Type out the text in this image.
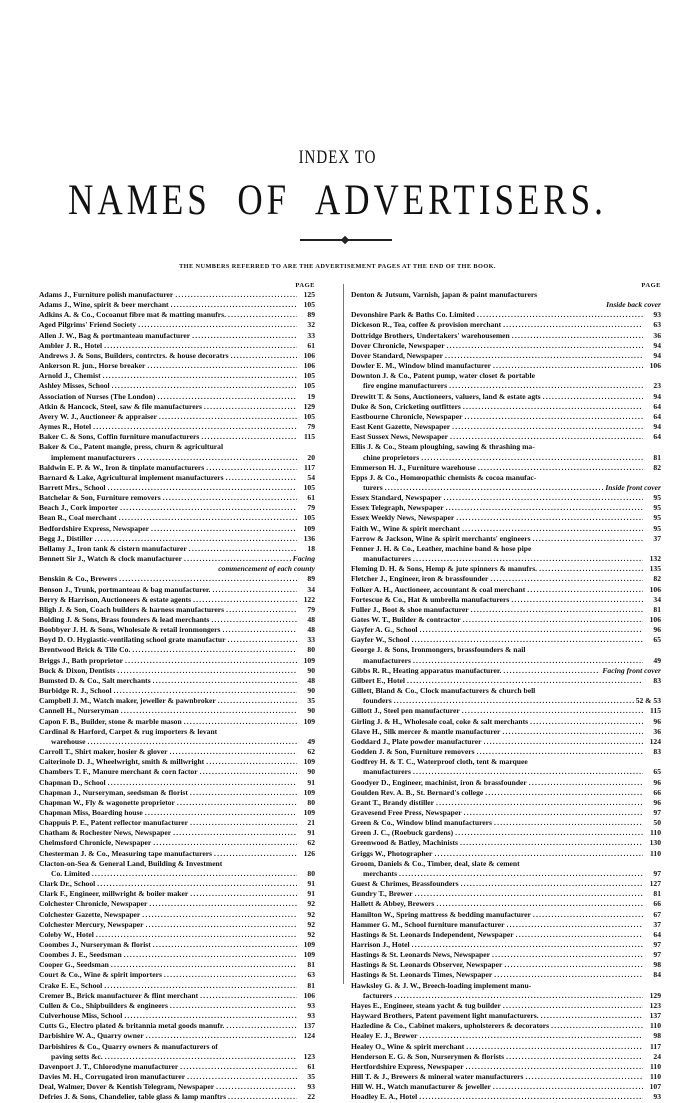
INDEX TO
NAMES OF ADVERTISERS.
THE NUMBERS REFERRED TO ARE THE ADVERTISEMENT PAGES AT THE END OF THE BOOK.
PAGE
Adams J., Furniture polish manufacturer .....	125
Adams J., Wine, spirit & beer merchant .....	105
Adkins A. & Co., Cocoanut fibre mat & matting manufrs. .....	89
Aged Pilgrims' Friend Society .....	32
Allen J. W., Bag & portmanteau manufacturer .....	33
Ambler J. R., Hotel .....	61
Andrews J. & Sons, Builders, contrctrs. & house decoratrs .....	106
Ankerson R. jun., Horse breaker .....	106
Arnold J., Chemist .....	105
Ashley Misses, School .....	105
Association of Nurses (The London) .....	19
Atkin & Hancock, Steel, saw & file manufacturers .....	129
Avery W. J., Auctioneer & appraiser .....	105
Aymes R., Hotel .....	79
Baker C. & Sons, Coffin furniture manufacturers .....	115
Baker & Co., Patent mangle, press, churn & agricultural
implement manufacturers .....	20
Baldwin E. P. & W., Iron & tinplate manufacturers .....	117
Barnard & Lake, Agricultural implement manufacturers .....	54
Barrett Mrs., School .....	105
Batchelar & Son, Furniture removers .....	61
Beach J., Cork importer .....	79
Bean R., Coal merchant .....	105
Bedfordshire Express, Newspaper .....	109
Begg J., Distiller .....	136
Bellamy J., Iron tank & cistern manufacturer .....	18
Bennett Sir J., Watch & clock manufacturer .....	Facing
commencement of each county
Benskin & Co., Brewers .....	89
Benson J., Trunk, portmanteau & bag manufacturer. .....	34
Berry & Harrison, Auctioneers & estate agents .....	122
Bligh J. & Son, Coach builders & harness manufacturers .....	79
Bolding J. & Sons, Brass founders & lead merchants .....	48
Boobbyer J. H. & Sons, Wholesale & retail ironmongers .....	48
Boyd D. O. Hygiastic-ventilating school grate manufactur .....	33
Brentwood Brick & Tile Co. .....	80
Briggs J., Bath proprietor .....	109
Buck & Dixon, Dentists .....	90
Bumsted D. & Co., Salt merchants .....	48
Burbidge R. J., School .....	90
Campbell J. M., Watch maker, jeweller & pawnbroker .....	35
Cannell H., Nurseryman .....	90
Capon F. B., Builder, stone & marble mason .....	109
Cardinal & Harford, Carpet & rug importers & levant
warehouse .....	49
Carroll T., Shirt maker, hosier & glover .....	62
Caiterinole D. J., Wheelwright, smith & millwright .....	109
Chambers T. F., Manure merchant & corn factor .....	90
Chapman D., School .....	91
Chapman J., Nurseryman, seedsman & florist .....	109
Chapman W., Fly & wagonette proprietor .....	80
Chapman Miss, Boarding house .....	109
Chappuis P. E., Patent reflector manufacturer .....	21
Chatham & Rochester News, Newspaper .....	91
Chelmsford Chronicle, Newspaper .....	62
Chesterman J. & Co., Measuring tape manufacturers .....	126
Clacton-on-Sea & General Land, Building & Investment
Co. Limited .....	80
Clark Dr., School .....	91
Clark F., Engineer, millwright & boiler maker .....	91
Colchester Chronicle, Newspaper .....	92
Colchester Gazette, Newspaper .....	92
Colchester Mercury, Newspaper .....	92
Coleby W., Hotel .....	92
Coombes J., Nurseryman & florist .....	109
Coombes J. E., Seedsman .....	109
Cooper G., Seedsman .....	81
Court & Co., Wine & spirit importers .....	63
Crake E. E., School .....	81
Cremer B., Brick manufacturer & flint merchant .....	106
Cullen & Co., Shipbuilders & engineers .....	93
Culverhouse Miss, School .....	93
Cutts G., Electro plated & britannia metal goods manufr. .....	137
Darbishire W. A., Quarry owner .....	124
Darbishires & Co., Quarry owners & manufacturers of
paving setts &c. .....	123
Davenport J. T., Chlorodyne manufacturer .....	61
Davies M. H., Corrugated iron manufacturer .....	35
Deal, Walmer, Dover & Kentish Telegram, Newspaper .....	93
Defries J. & Sons, Chandelier, table glass & lamp manftrs .....	22
PAGE
Denton & Jutsum, Varnish, japan & paint manufacturers
Inside back cover
Devonshire Park & Baths Co. Limited .....	93
Dickeson R., Tea, coffee & provision merchant .....	63
Dottridge Brothers, Undertakers' warehousemen .....	36
Dover Chronicle, Newspaper .....	94
Dover Standard, Newspaper .....	94
Dowler E. M., Window blind manufacturer .....	106
Downton J. & Co., Patent pump, water closet & portable
fire engine manufacturers .....	23
Drewitt T. & Sons, Auctioneers, valuers, land & estate agts .....	94
Duke & Son, Cricketing outfitters .....	64
Eastbourne Chronicle, Newspaper .....	64
East Kent Gazette, Newspaper .....	94
East Sussex News, Newspaper .....	64
Ellis J. & Co., Steam ploughing, sawing & thrashing ma-
chine proprietors .....	81
Emmerson H. J., Furniture warehouse .....	82
Epps J. & Co., Homœopathic chemists & cocoa manufac-
turers .....	Inside front cover
Essex Standard, Newspaper .....	95
Essex Telegraph, Newspaper .....	95
Essex Weekly News, Newspaper .....	95
Faith W., Wine & spirit merchant .....	95
Farrow & Jackson, Wine & spirit merchants' engineers .....	37
Fenner J. H. & Co., Leather, machine band & hose pipe
manufacturers .....	132
Fleming D. H. & Sons, Hemp & jute spinners & manufrs. .....	135
Fletcher J., Engineer, iron & brassfounder .....	82
Folker A. H., Auctioneer, accountant & coal merchant .....	106
Fortescue & Co., Hat & umbrella manufacturers .....	34
Fuller J., Boot & shoe manufacturer .....	81
Gates W. T., Builder & contractor .....	106
Gayfer A. G., School .....	96
Gayfer W., School .....	65
George J. & Sons, Ironmongers, brassfounders & nail
manufacturers .....	49
Gibbs R. R., Heating apparatus manufacturer. .....	Facing front cover
Gilbert E., Hotel .....	83
Gillett, Bland & Co., Clock manufacturers & church bell
founders .....	52 & 53
Gillott J., Steel pen manufacturer .....	115
Girling J. & H., Wholesale coal, coke & salt merchants .....	96
Glave H., Silk mercer & mantle manufacturer .....	36
Goddard J., Plate powder manufacturer .....	124
Godden J. & Son, Furniture removers .....	83
Godfrey H. & T. C., Waterproof cloth, tent & marquee
manufacturers .....	65
Goodyer D., Engineer, machinist, iron & brassfounder .....	96
Goulden Rev. A. B., St. Bernard's college .....	66
Grant T., Brandy distiller .....	96
Gravesend Free Press, Newspaper .....	97
Green & Co., Window blind manufacturers .....	50
Green J. C., (Roebuck gardens) .....	110
Greenwood & Batley, Machinists .....	130
Griggs W., Photographer .....	110
Groom, Daniels & Co., Timber, deal, slate & cement
merchants .....	97
Guest & Chrimes, Brassfounders .....	127
Gundry T., Brewer .....	81
Hallett & Abbey, Brewers .....	66
Hamilton W., Spring mattress & bedding manufacturer .....	67
Hammer G. M., School furniture manufacturer .....	37
Hastings & St. Leonards Independent, Newspaper .....	64
Harrison J., Hotel .....	97
Hastings & St. Leonards News, Newspaper .....	97
Hastings & St. Leonards Observer, Newspaper .....	98
Hastings & St. Leonards Times, Newspaper .....	84
Hawksley G. & J. W., Breech-loading implement manu-
facturers .....	129
Hayes E., Engineer, steam yacht & tug builder .....	123
Hayward Brothers, Patent pavement light manufacturers. .....	137
Hazledine & Co., Cabinet makers, upholsterers & decorators .....	110
Healey E. J., Brewer .....	98
Healey O., Wine & spirit merchant .....	117
Henderson E. G. & Son, Nurserymen & florists .....	24
Hertfordshire Express, Newspaper .....	110
Hill T. & J., Brewers & mineral water manufacturers .....	110
Hill W. H., Watch manufacturer & jeweller .....	107
Hoadley E. A., Hotel .....	93
